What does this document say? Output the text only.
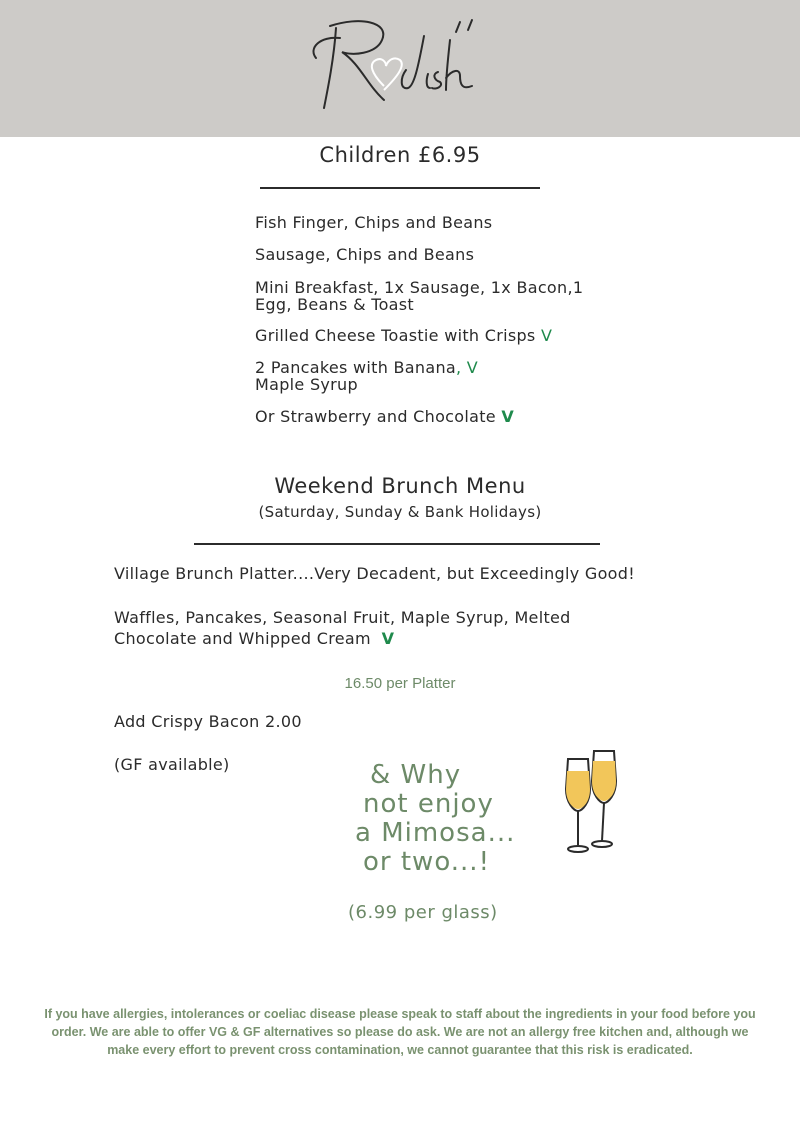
Children £6.95
Fish Finger, Chips and Beans
Sausage, Chips and Beans
Mini Breakfast, 1x Sausage, 1x Bacon,1
Egg, Beans & Toast
Grilled Cheese Toastie with Crisps V
2 Pancakes with Banana, V
Maple Syrup
Or Strawberry and Chocolate V
Weekend Brunch Menu
(Saturday, Sunday & Bank Holidays)
Village Brunch Platter....Very Decadent, but Exceedingly Good!
Waffles, Pancakes, Seasonal Fruit, Maple Syrup, Melted
Chocolate and Whipped Cream V
16.50 per Platter
Add Crispy Bacon 2.00
(GF available)	& Why
not enjoy
a Mimosa...
or two...!
(6.99 per glass)
If you have allergies, intolerances or coeliac disease please speak to staff about the ingredients in your food before you
order. We are able to offer VG & GF alternatives so please do ask. We are not an allergy free kitchen and, although we
make every effort to prevent cross contamination, we cannot guarantee that this risk is eradicated.
